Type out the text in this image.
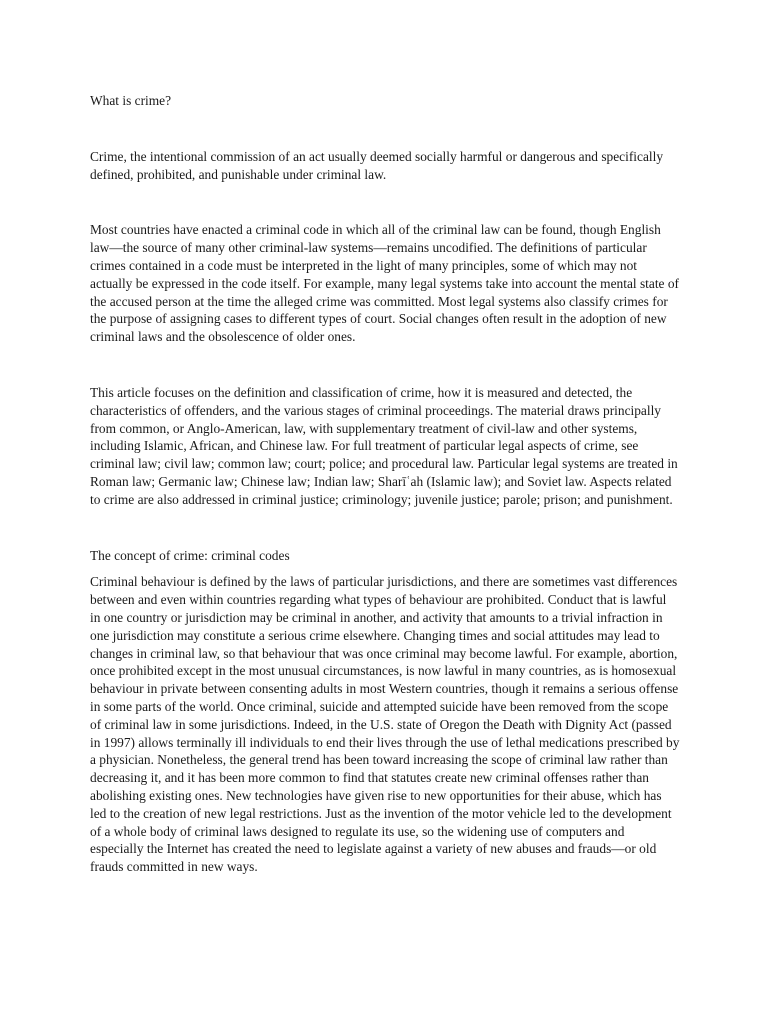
What is crime?

Crime, the intentional commission of an act usually deemed socially harmful or dangerous and specifically defined, prohibited, and punishable under criminal law.

Most countries have enacted a criminal code in which all of the criminal law can be found, though English law—the source of many other criminal-law systems—remains uncodified. The definitions of particular crimes contained in a code must be interpreted in the light of many principles, some of which may not actually be expressed in the code itself. For example, many legal systems take into account the mental state of the accused person at the time the alleged crime was committed. Most legal systems also classify crimes for the purpose of assigning cases to different types of court. Social changes often result in the adoption of new criminal laws and the obsolescence of older ones.

This article focuses on the definition and classification of crime, how it is measured and detected, the characteristics of offenders, and the various stages of criminal proceedings. The material draws principally from common, or Anglo-American, law, with supplementary treatment of civil-law and other systems, including Islamic, African, and Chinese law. For full treatment of particular legal aspects of crime, see criminal law; civil law; common law; court; police; and procedural law. Particular legal systems are treated in Roman law; Germanic law; Chinese law; Indian law; Sharīʿah (Islamic law); and Soviet law. Aspects related to crime are also addressed in criminal justice; criminology; juvenile justice; parole; prison; and punishment.

The concept of crime: criminal codes

Criminal behaviour is defined by the laws of particular jurisdictions, and there are sometimes vast differences between and even within countries regarding what types of behaviour are prohibited. Conduct that is lawful in one country or jurisdiction may be criminal in another, and activity that amounts to a trivial infraction in one jurisdiction may constitute a serious crime elsewhere. Changing times and social attitudes may lead to changes in criminal law, so that behaviour that was once criminal may become lawful. For example, abortion, once prohibited except in the most unusual circumstances, is now lawful in many countries, as is homosexual behaviour in private between consenting adults in most Western countries, though it remains a serious offense in some parts of the world. Once criminal, suicide and attempted suicide have been removed from the scope of criminal law in some jurisdictions. Indeed, in the U.S. state of Oregon the Death with Dignity Act (passed in 1997) allows terminally ill individuals to end their lives through the use of lethal medications prescribed by a physician. Nonetheless, the general trend has been toward increasing the scope of criminal law rather than decreasing it, and it has been more common to find that statutes create new criminal offenses rather than abolishing existing ones. New technologies have given rise to new opportunities for their abuse, which has led to the creation of new legal restrictions. Just as the invention of the motor vehicle led to the development of a whole body of criminal laws designed to regulate its use, so the widening use of computers and especially the Internet has created the need to legislate against a variety of new abuses and frauds—or old frauds committed in new ways.
